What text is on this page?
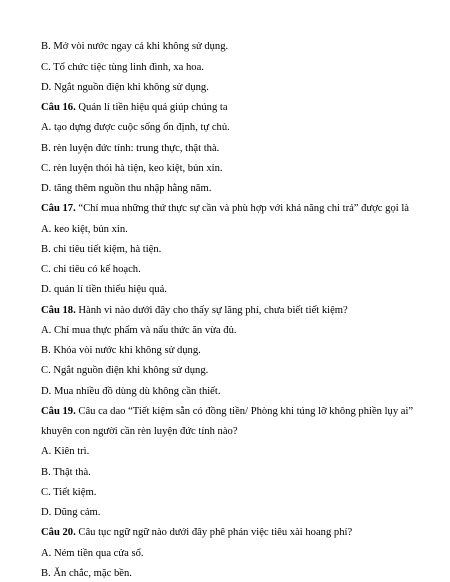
B. Mở vòi nước ngay cả khi không sử dụng.
C. Tổ chức tiệc tùng linh đình, xa hoa.
D. Ngắt nguồn điện khi không sử dụng.
Câu 16. Quản lí tiền hiệu quả giúp chúng ta
A. tạo dựng được cuộc sống ổn định, tự chủ.
B. rèn luyện đức tính: trung thực, thật thà.
C. rèn luyện thói hà tiện, keo kiệt, bủn xỉn.
D. tăng thêm nguồn thu nhập hằng năm.
Câu 17. “Chỉ mua những thứ thực sự cần và phù hợp với khả năng chi trả” được gọi là
A. keo kiệt, bủn xỉn.
B. chi tiêu tiết kiệm, hà tiện.
C. chi tiêu có kế hoạch.
D. quản lí tiền thiếu hiệu quả.
Câu 18. Hành vi nào dưới đây cho thấy sự lãng phí, chưa biết tiết kiệm?
A. Chỉ mua thực phẩm và nấu thức ăn vừa đủ.
B. Khóa vòi nước khi không sử dụng.
C. Ngắt nguồn điện khi không sử dụng.
D. Mua nhiều đồ dùng dù không cần thiết.
Câu 19. Câu ca dao “Tiết kiệm sẵn có đồng tiền/ Phòng khi túng lỡ không phiền lụy ai”
khuyên con người cần rèn luyện đức tính nào?
A. Kiên trì.
B. Thật thà.
C. Tiết kiệm.
D. Dũng cảm.
Câu 20. Câu tục ngữ ngữ nào dưới đây phê phán việc tiêu xài hoang phí?
A. Ném tiền qua cửa sổ.
B. Ăn chắc, mặc bền.
